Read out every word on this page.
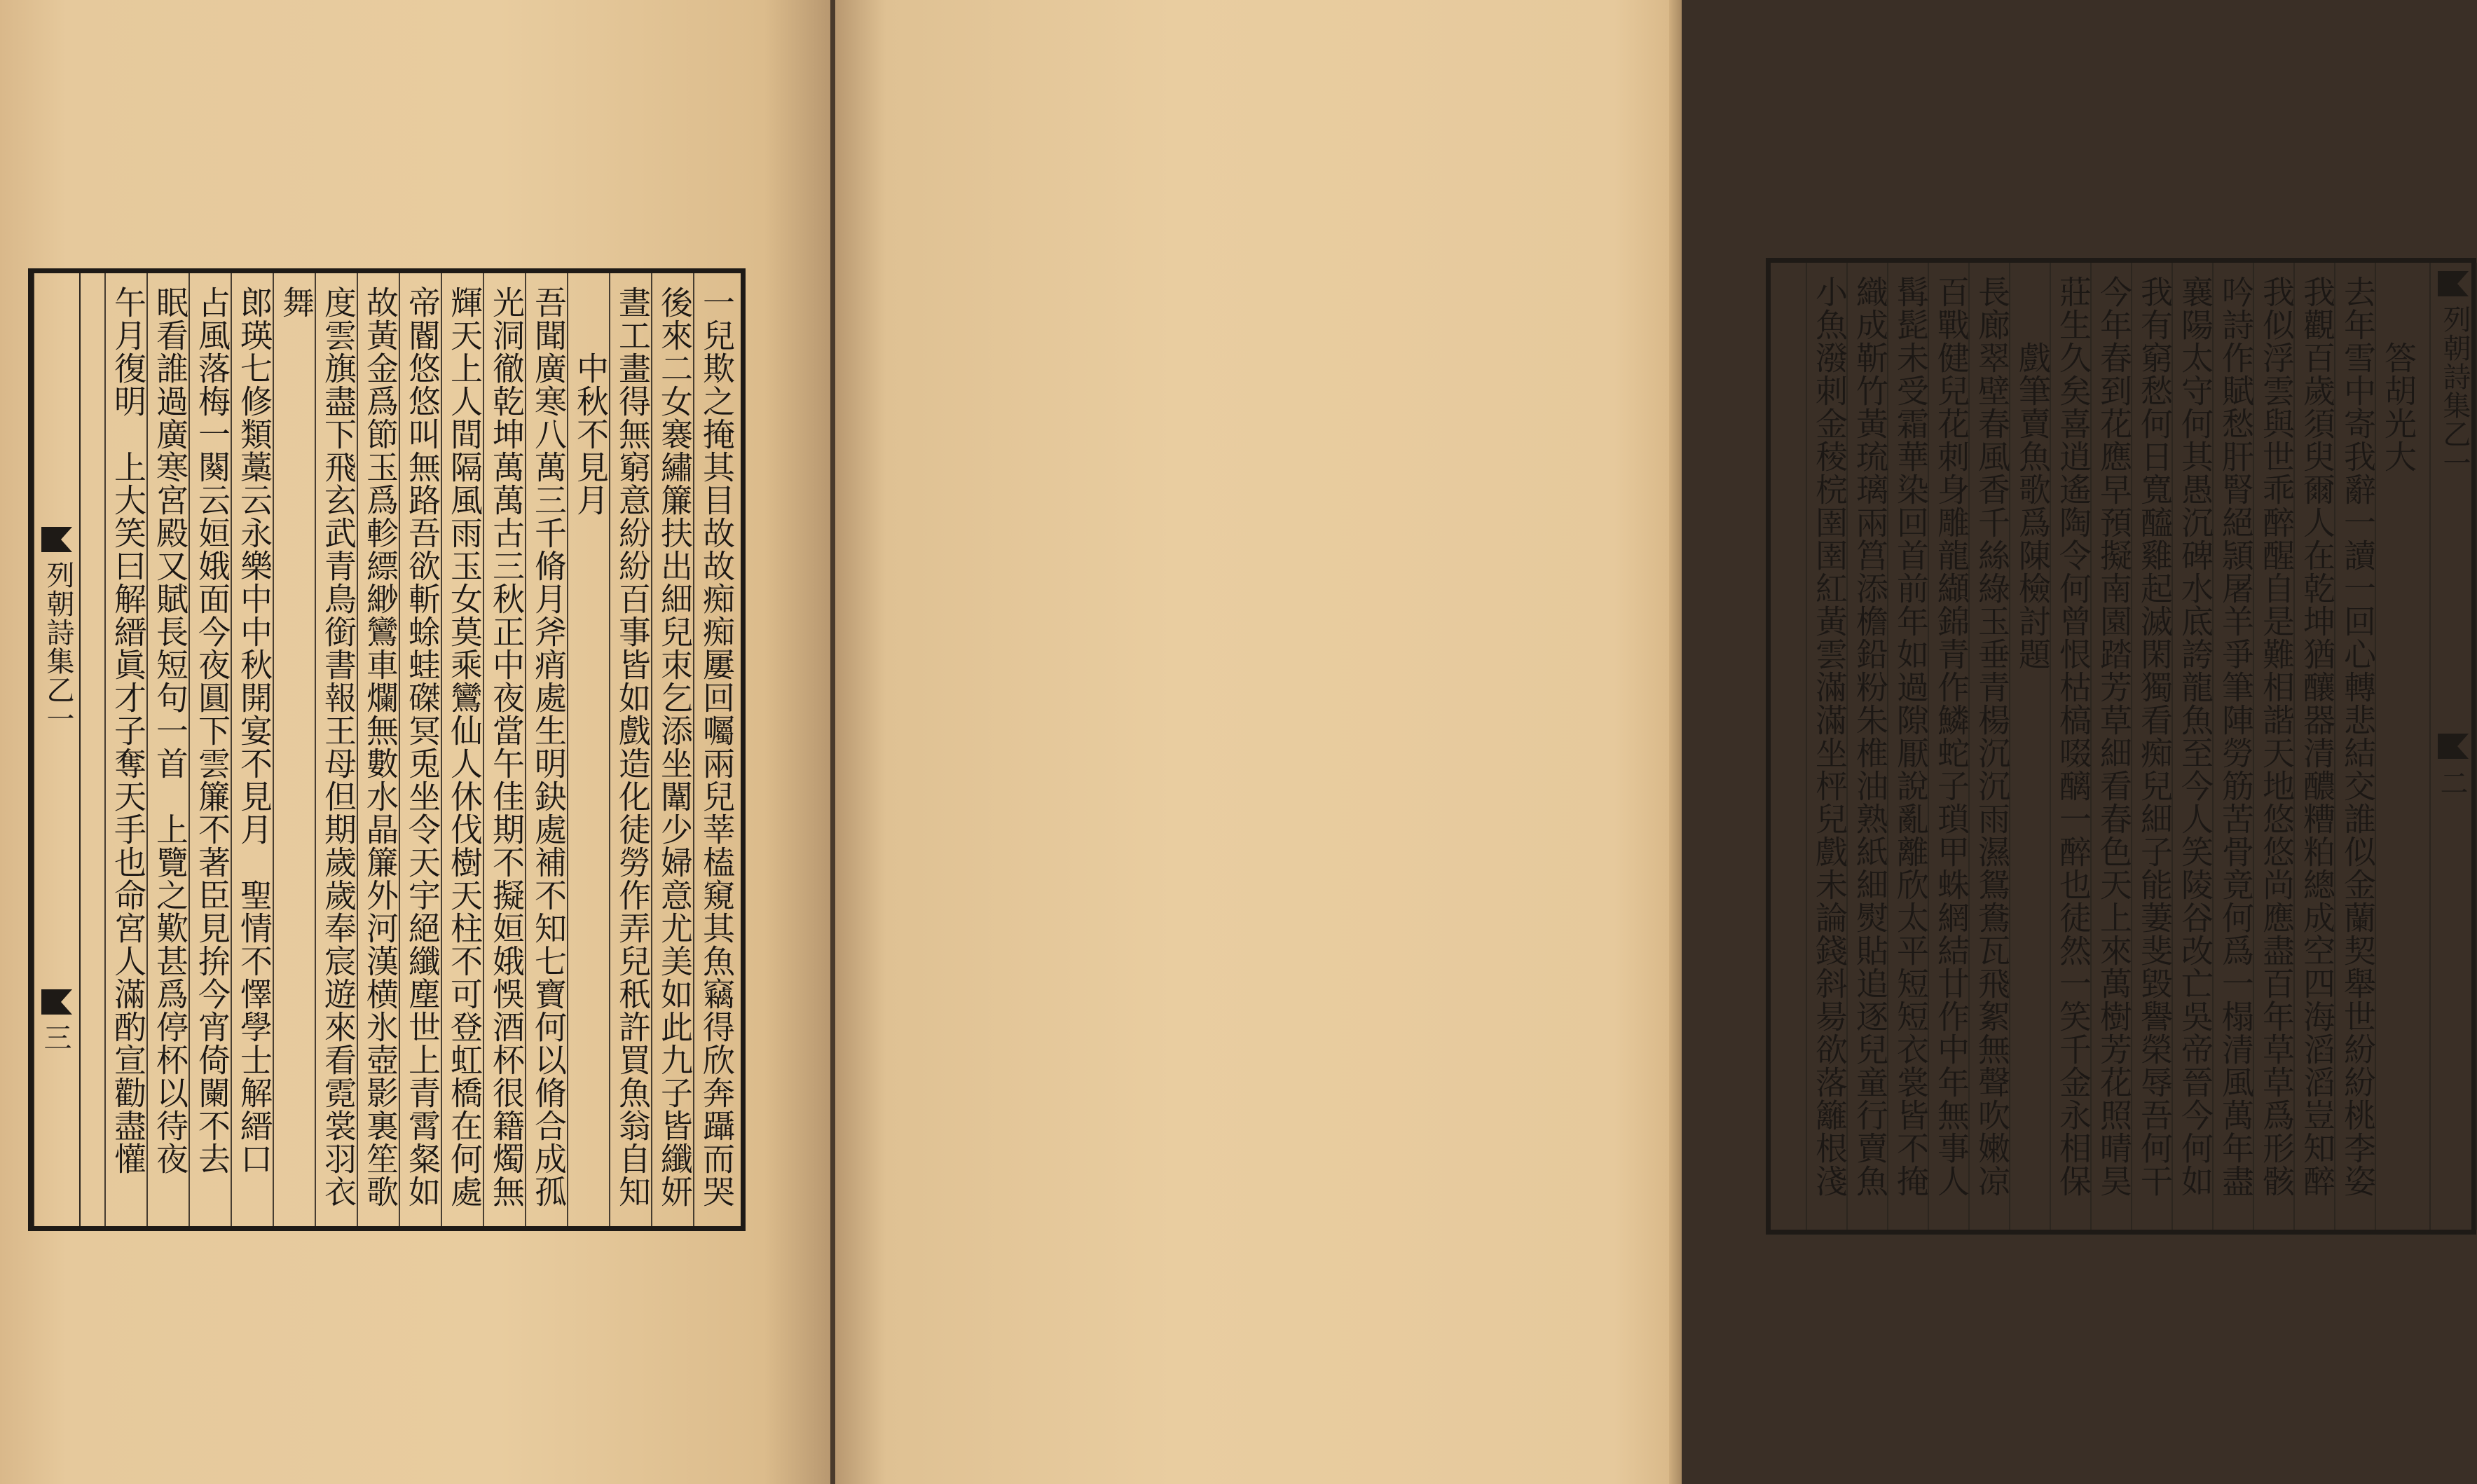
列朝詩集乙一
三	一兒欺之掩其目故故痴痴屢回囑兩兒莘榼窺其魚竊得欣奔躡而哭
後來二女褰繡簾扶出細兒朿乞添坐闈少婦意尤美如此九子皆纖妍
晝工畫得無窮意紛紛百事皆如戲造化徒勞作弄兒秖許買魚翁自知
　　中秋不見月
吾聞廣寒八萬三千脩月斧痟處生明鈌處補不知七寶何以脩合成孤
光洞徹乾坤萬萬古三秋正中夜當午佳期不擬姮娥悞酒杯很籍燭無
輝天上人間隔風雨玉女莫乘鸞仙人休伐樹天柱不可登虹橋在何處
帝閽悠悠叫無路吾欲斬蜍蛙磔冥兎坐令天宇絕纖塵世上青霄粲如
故黃金爲節玉爲軫縹緲鸞車爛無數水晶簾外河漢横氷壺影裏笙歌
度雲旗盡下飛玄武青鳥銜書報王母但期歲歲奉宸遊來看霓裳羽衣
舞
郎瑛七修類藁云永樂中中秋開宴不見月　聖情不懌學士解縉口
占風落梅一闋云姮娥面今夜圓下雲簾不著臣見拚今宵倚闌不去
眠看誰過廣寒宮殿又賦長短句一首　上覽之歎甚爲停杯以待夜
午月復明　上大笑曰解縉眞才子奪天手也命宮人滿酌宣勸盡懽	　　答胡光大
去年雪中寄我辭一讀一回心轉悲結交誰似金蘭契舉世紛紛桃李姿
我觀百歲須臾爾人在乾坤猶釀器清醲糟粕總成空四海滔滔豈知醉
我似浮雲與世乖醉醒自是難相諧天地悠悠尚應盡百年草草爲形骸
吟詩作賦愁肝腎絕頴屠羊爭筆陣勞筋苦骨竟何爲一榻清風萬年盡
襄陽太守何其愚沉碑水底誇龍魚至今人笑陵谷改亡吳帝晉今何如
我有窮愁何日寬醯雞起滅閑獨看痴兒細子能萋斐毀譽榮辱吾何干
今年春到花應早預擬南園踏芳草細看春色天上來萬樹芳花照晴昊
莊生久矣喜逍遙陶令何曾恨枯槁啜醨一醉也徒然一笑千金永相保
　　戲筆賣魚歌爲陳檢討題
長廊翠壁春風香千絲綠玉垂青楊沉沉雨濕鴛鴦瓦飛絮無聲吹嫩凉
百戰健兒花刺身雕龍纈錦青作鱗蛇子瑣甲蛛網結廿作中年無事人
髯髭未受霜華染回首前年如過隙厭說亂離欣太平短短衣裳皆不掩
織成靳竹黃琉璃兩筥添檐鉛粉朱椎油熟紙細熨貼追逐兒童行賣魚
小魚潑刺金稜梡圉圉紅黃雲滿滿坐枰兒戲未論錢斜昜欲落籬根淺	列朝詩集乙一
二
